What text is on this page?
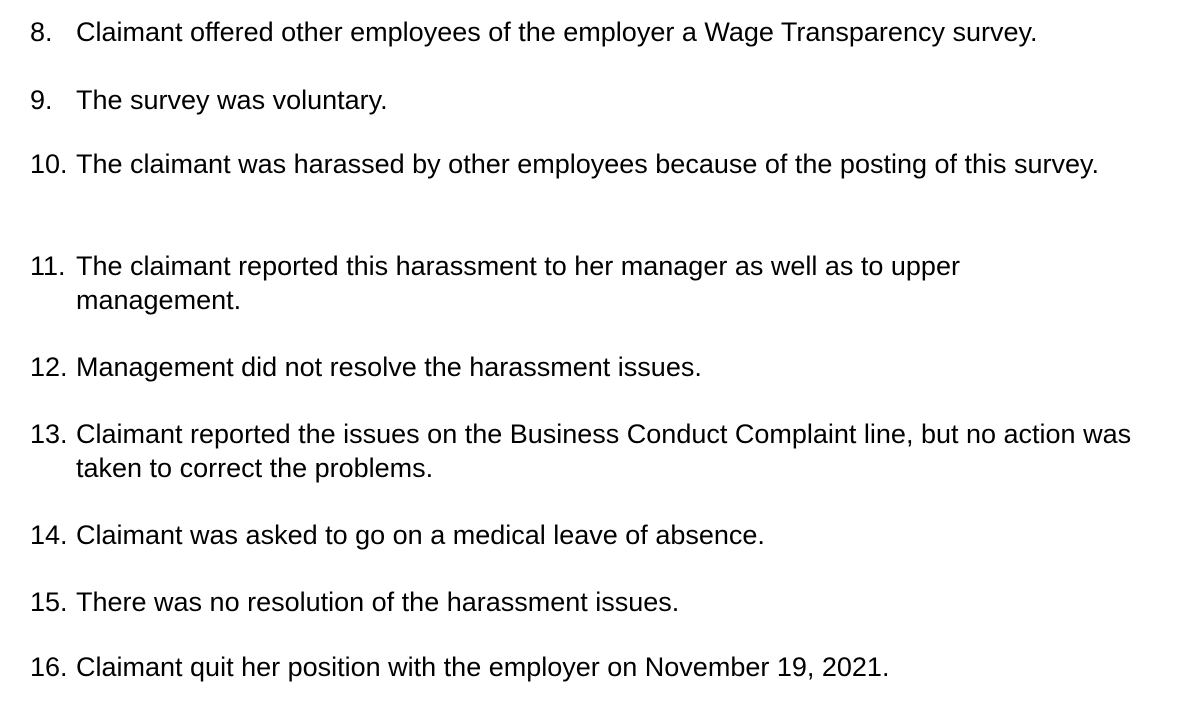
8. Claimant offered other employees of the employer a Wage Transparency survey.
9. The survey was voluntary.
10. The claimant was harassed by other employees because of the posting of this survey.
11. The claimant reported this harassment to her manager as well as to upper management.
12. Management did not resolve the harassment issues.
13. Claimant reported the issues on the Business Conduct Complaint line, but no action was taken to correct the problems.
14. Claimant was asked to go on a medical leave of absence.
15. There was no resolution of the harassment issues.
16. Claimant quit her position with the employer on November 19, 2021.
